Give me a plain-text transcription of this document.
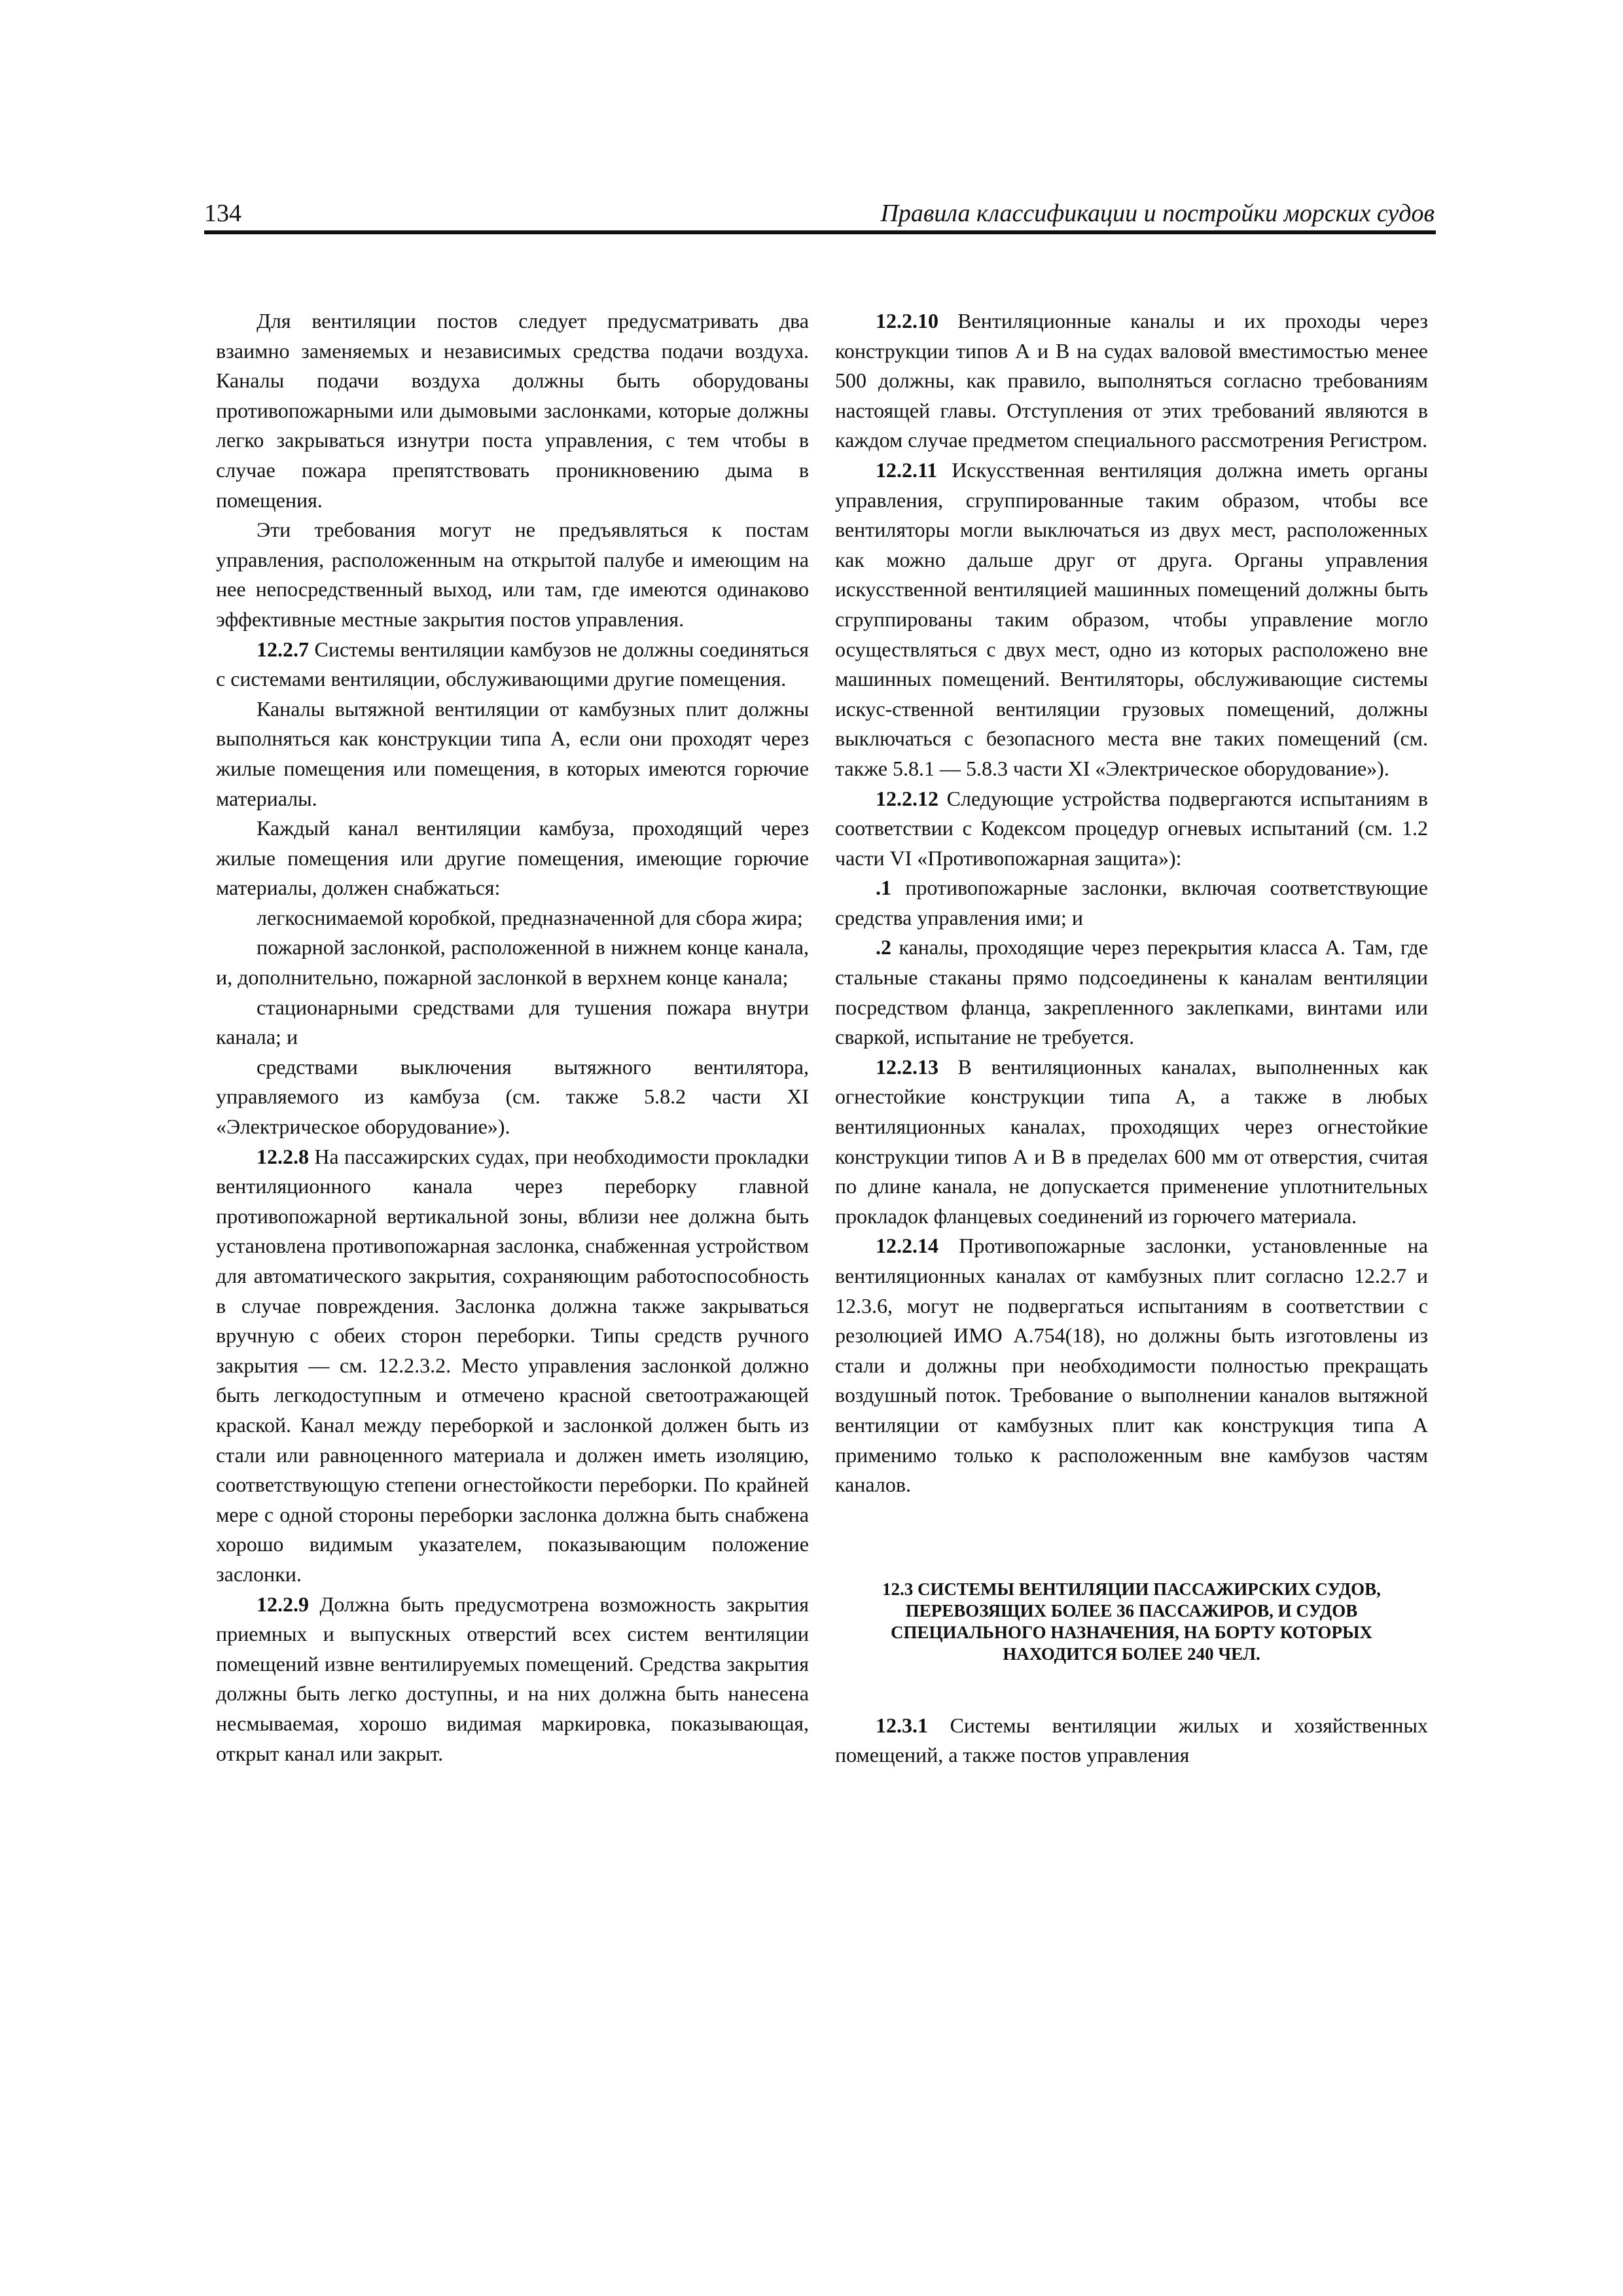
134	Правила классификации и постройки морских судов

Для вентиляции постов следует предусматривать два взаимно заменяемых и независимых средства подачи воздуха. Каналы подачи воздуха должны быть оборудованы противопожарными или дымовыми заслонками, которые должны легко закрываться изнутри поста управления, с тем чтобы в случае пожара препятствовать проникновению дыма в помещения.

Эти требования могут не предъявляться к постам управления, расположенным на открытой палубе и имеющим на нее непосредственный выход, или там, где имеются одинаково эффективные местные закрытия постов управления.

12.2.7 Системы вентиляции камбузов не должны соединяться с системами вентиляции, обслуживающими другие помещения.

Каналы вытяжной вентиляции от камбузных плит должны выполняться как конструкции типа А, если они проходят через жилые помещения или помещения, в которых имеются горючие материалы.

Каждый канал вентиляции камбуза, проходящий через жилые помещения или другие помещения, имеющие горючие материалы, должен снабжаться:

легкоснимаемой коробкой, предназначенной для сбора жира;

пожарной заслонкой, расположенной в нижнем конце канала, и, дополнительно, пожарной заслонкой в верхнем конце канала;

стационарными средствами для тушения пожара внутри канала; и

средствами выключения вытяжного вентилятора, управляемого из камбуза (см. также 5.8.2 части XI «Электрическое оборудование»).

12.2.8 На пассажирских судах, при необходимости прокладки вентиляционного канала через переборку главной противопожарной вертикальной зоны, вблизи нее должна быть установлена противопожарная заслонка, снабженная устройством для автоматического закрытия, сохраняющим работоспособность в случае повреждения. Заслонка должна также закрываться вручную с обеих сторон переборки. Типы средств ручного закрытия — см. 12.2.3.2. Место управления заслонкой должно быть легкодоступным и отмечено красной светоотражающей краской. Канал между переборкой и заслонкой должен быть из стали или равноценного материала и должен иметь изоляцию, соответствующую степени огнестойкости переборки. По крайней мере с одной стороны переборки заслонка должна быть снабжена хорошо видимым указателем, показывающим положение заслонки.

12.2.9 Должна быть предусмотрена возможность закрытия приемных и выпускных отверстий всех систем вентиляции помещений извне вентилируемых помещений. Средства закрытия должны быть легко доступны, и на них должна быть нанесена несмываемая, хорошо видимая маркировка, показывающая, открыт канал или закрыт.

12.2.10 Вентиляционные каналы и их проходы через конструкции типов А и В на судах валовой вместимостью менее 500 должны, как правило, выполняться согласно требованиям настоящей главы. Отступления от этих требований являются в каждом случае предметом специального рассмотрения Регистром.

12.2.11 Искусственная вентиляция должна иметь органы управления, сгруппированные таким образом, чтобы все вентиляторы могли выключаться из двух мест, расположенных как можно дальше друг от друга. Органы управления искусственной вентиляцией машинных помещений должны быть сгруппированы таким образом, чтобы управление могло осуществляться с двух мест, одно из которых расположено вне машинных помещений. Вентиляторы, обслуживающие системы искус-ственной вентиляции грузовых помещений, должны выключаться с безопасного места вне таких помещений (см. также 5.8.1 — 5.8.3 части XI «Электрическое оборудование»).

12.2.12 Следующие устройства подвергаются испытаниям в соответствии с Кодексом процедур огневых испытаний (см. 1.2 части VI «Противопожарная защита»):

.1 противопожарные заслонки, включая соответствующие средства управления ими; и

.2 каналы, проходящие через перекрытия класса А. Там, где стальные стаканы прямо подсоединены к каналам вентиляции посредством фланца, закрепленного заклепками, винтами или сваркой, испытание не требуется.

12.2.13 В вентиляционных каналах, выполненных как огнестойкие конструкции типа А, а также в любых вентиляционных каналах, проходящих через огнестойкие конструкции типов А и В в пределах 600 мм от отверстия, считая по длине канала, не допускается применение уплотнительных прокладок фланцевых соединений из горючего материала.

12.2.14 Противопожарные заслонки, установленные на вентиляционных каналах от камбузных плит согласно 12.2.7 и 12.3.6, могут не подвергаться испытаниям в соответствии с резолюцией ИМО А.754(18), но должны быть изготовлены из стали и должны при необходимости полностью прекращать воздушный поток. Требование о выполнении каналов вытяжной вентиляции от камбузных плит как конструкция типа А применимо только к расположенным вне камбузов частям каналов.

12.3 СИСТЕМЫ ВЕНТИЛЯЦИИ ПАССАЖИРСКИХ СУДОВ, ПЕРЕВОЗЯЩИХ БОЛЕЕ 36 ПАССАЖИРОВ, И СУДОВ СПЕЦИАЛЬНОГО НАЗНАЧЕНИЯ, НА БОРТУ КОТОРЫХ НАХОДИТСЯ БОЛЕЕ 240 ЧЕЛ.

12.3.1 Системы вентиляции жилых и хозяйственных помещений, а также постов управления
